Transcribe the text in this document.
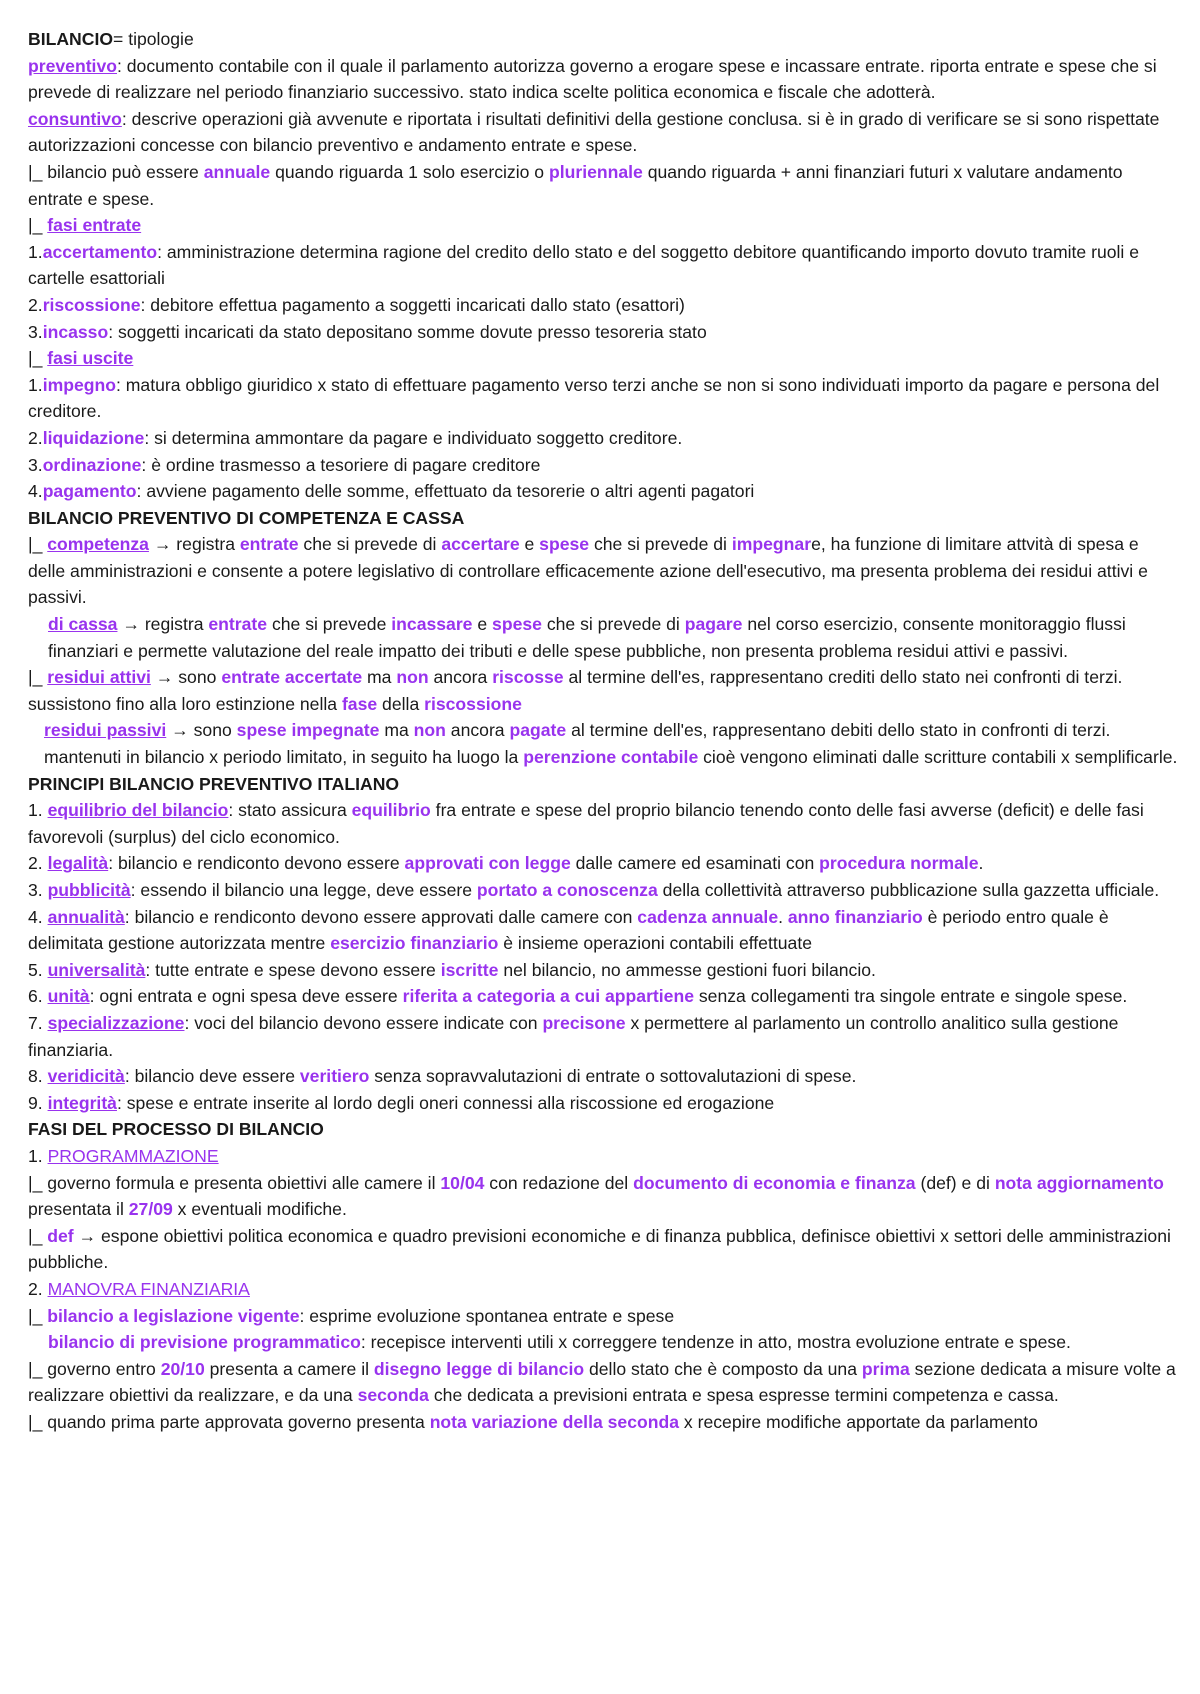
BILANCIO= tipologie
preventivo: documento contabile con il quale il parlamento autorizza governo a erogare spese e incassare entrate. riporta entrate e spese che si prevede di realizzare nel periodo finanziario successivo. stato indica scelte politica economica e fiscale che adotterà.
consuntivo: descrive operazioni già avvenute e riportata i risultati definitivi della gestione conclusa. si è in grado di verificare se si sono rispettate autorizzazioni concesse con bilancio preventivo e andamento entrate e spese.
|_ bilancio può essere annuale quando riguarda 1 solo esercizio o pluriennale quando riguarda + anni finanziari futuri x valutare andamento entrate e spese.
|_ fasi entrate
1.accertamento: amministrazione determina ragione del credito dello stato e del soggetto debitore quantificando importo dovuto tramite ruoli e cartelle esattoriali
2.riscossione: debitore effettua pagamento a soggetti incaricati dallo stato (esattori)
3.incasso: soggetti incaricati da stato depositano somme dovute presso tesoreria stato
|_ fasi uscite
1.impegno: matura obbligo giuridico x stato di effettuare pagamento verso terzi anche se non si sono individuati importo da pagare e persona del creditore.
2.liquidazione: si determina ammontare da pagare e individuato soggetto creditore.
3.ordinazione: è ordine trasmesso a tesoriere di pagare creditore
4.pagamento: avviene pagamento delle somme, effettuato da tesorerie o altri agenti pagatori
BILANCIO PREVENTIVO DI COMPETENZA E CASSA
|_ competenza → registra entrate che si prevede di accertare e spese che si prevede di impegnare, ha funzione di limitare attvità di spesa e delle amministrazioni e consente a potere legislativo di controllare efficacemente azione dell'esecutivo, ma presenta problema dei residui attivi e passivi.
di cassa → registra entrate che si prevede incassare e spese che si prevede di pagare nel corso esercizio, consente monitoraggio flussi finanziari e permette valutazione del reale impatto dei tributi e delle spese pubbliche, non presenta problema residui attivi e passivi.
|_ residui attivi → sono entrate accertate ma non ancora riscosse al termine dell'es, rappresentano crediti dello stato nei confronti di terzi. sussistono fino alla loro estinzione nella fase della riscossione
residui passivi → sono spese impegnate ma non ancora pagate al termine dell'es, rappresentano debiti dello stato in confronti di terzi. mantenuti in bilancio x periodo limitato, in seguito ha luogo la perenzione contabile cioè vengono eliminati dalle scritture contabili x semplificarle.
PRINCIPI BILANCIO PREVENTIVO ITALIANO
1. equilibrio del bilancio: stato assicura equilibrio fra entrate e spese del proprio bilancio tenendo conto delle fasi avverse (deficit) e delle fasi favorevoli (surplus) del ciclo economico.
2. legalità: bilancio e rendiconto devono essere approvati con legge dalle camere ed esaminati con procedura normale.
3. pubblicità: essendo il bilancio una legge, deve essere portato a conoscenza della collettività attraverso pubblicazione sulla gazzetta ufficiale.
4. annualità: bilancio e rendiconto devono essere approvati dalle camere con cadenza annuale. anno finanziario è periodo entro quale è delimitata gestione autorizzata mentre esercizio finanziario è insieme operazioni contabili effettuate
5. universalità: tutte entrate e spese devono essere iscritte nel bilancio, no ammesse gestioni fuori bilancio.
6. unità: ogni entrata e ogni spesa deve essere riferita a categoria a cui appartiene senza collegamenti tra singole entrate e singole spese.
7. specializzazione: voci del bilancio devono essere indicate con precisone x permettere al parlamento un controllo analitico sulla gestione finanziaria.
8. veridicità: bilancio deve essere veritiero senza sopravvalutazioni di entrate o sottovalutazioni di spese.
9. integrità: spese e entrate inserite al lordo degli oneri connessi alla riscossione ed erogazione
FASI DEL PROCESSO DI BILANCIO
1. PROGRAMMAZIONE
|_ governo formula e presenta obiettivi alle camere il 10/04 con redazione del documento di economia e finanza (def) e di nota aggiornamento presentata il 27/09 x eventuali modifiche.
|_ def → espone obiettivi politica economica e quadro previsioni economiche e di finanza pubblica, definisce obiettivi x settori delle amministrazioni pubbliche.
2. MANOVRA FINANZIARIA
|_ bilancio a legislazione vigente: esprime evoluzione spontanea entrate e spese
bilancio di previsione programmatico: recepisce interventi utili x correggere tendenze in atto, mostra evoluzione entrate e spese.
|_ governo entro 20/10 presenta a camere il disegno legge di bilancio dello stato che è composto da una prima sezione dedicata a misure volte a realizzare obiettivi da realizzare, e da una seconda che dedicata a previsioni entrata e spesa espresse termini competenza e cassa.
|_ quando prima parte approvata governo presenta nota variazione della seconda x recepire modifiche apportate da parlamento
